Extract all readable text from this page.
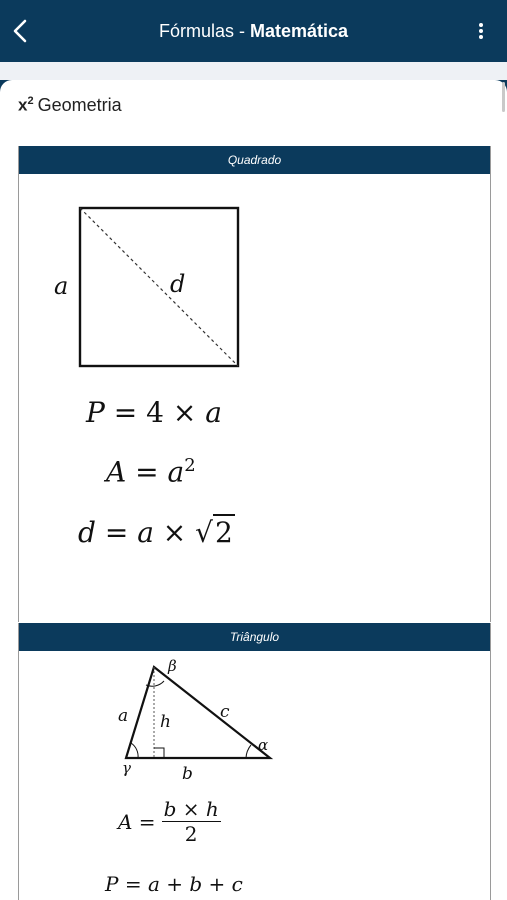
Fórmulas - Matemática
$x^2$ Geometria
Quadrado
a	d
P = 4 × a
$A = a^2$
d = a × √2
Triângulo
a h	c
b
β
γ
α
$A = \frac{b \times h}{2}$
P = a + b + c
